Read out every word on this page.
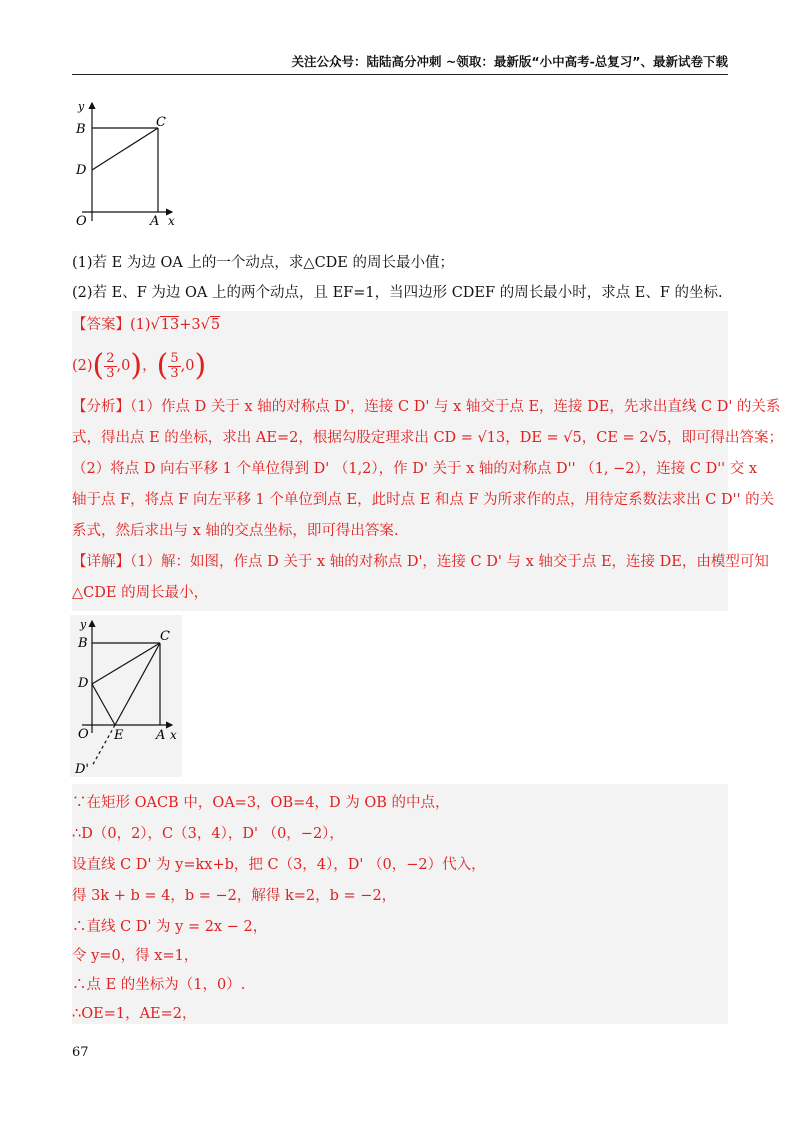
关注公众号：陆陆高分冲刺 ~领取：最新版“小中高考-总复习”、最新试卷下载
y
x
B	C
D
O	A
(1)若 E 为边 OA 上的一个动点，求△CDE 的周长最小值；
(2)若 E、F 为边 OA 上的两个动点，且 EF=1，当四边形 CDEF 的周长最小时，求点 E、F 的坐标.
【答案】(1)√13+3√5
$(2)( \frac{2}{3} ,0)$，( $\frac{5}{3} ,0$)
【分析】（1）作点 D 关于 x 轴的对称点 D'，连接 C D' 与 x 轴交于点 E，连接 DE，先求出直线 C D' 的关系
式，得出点 E 的坐标，求出 AE=2，根据勾股定理求出 CD = √13，DE = √5，CE = 2√5，即可得出答案；
（2）将点 D 向右平移 1 个单位得到 D' （1,2），作 D' 关于 x 轴的对称点 D'' （1, −2），连接 C D'' 交 x
轴于点 F，将点 F 向左平移 1 个单位到点 E，此时点 E 和点 F 为所求作的点，用待定系数法求出 C D'' 的关
系式，然后求出与 x 轴的交点坐标，即可得出答案.
【详解】（1）解：如图，作点 D 关于 x 轴的对称点 D'，连接 C D' 与 x 轴交于点 E，连接 DE，由模型可知
△CDE 的周长最小，
y
x
B	C
D
O E	A
D'
∵在矩形 OACB 中，OA=3，OB=4，D 为 OB 的中点，
∴D（0，2），C（3，4），D' （0，−2），
设直线 C D' 为 y=kx+b，把 C（3，4），D' （0，−2）代入，
得 3k + b = 4，b = −2，解得 k=2，b = −2，
∴直线 C D' 为 y = 2x − 2，
令 y=0，得 x=1，
∴点 E 的坐标为（1，0）.
∴OE=1，AE=2，
67
